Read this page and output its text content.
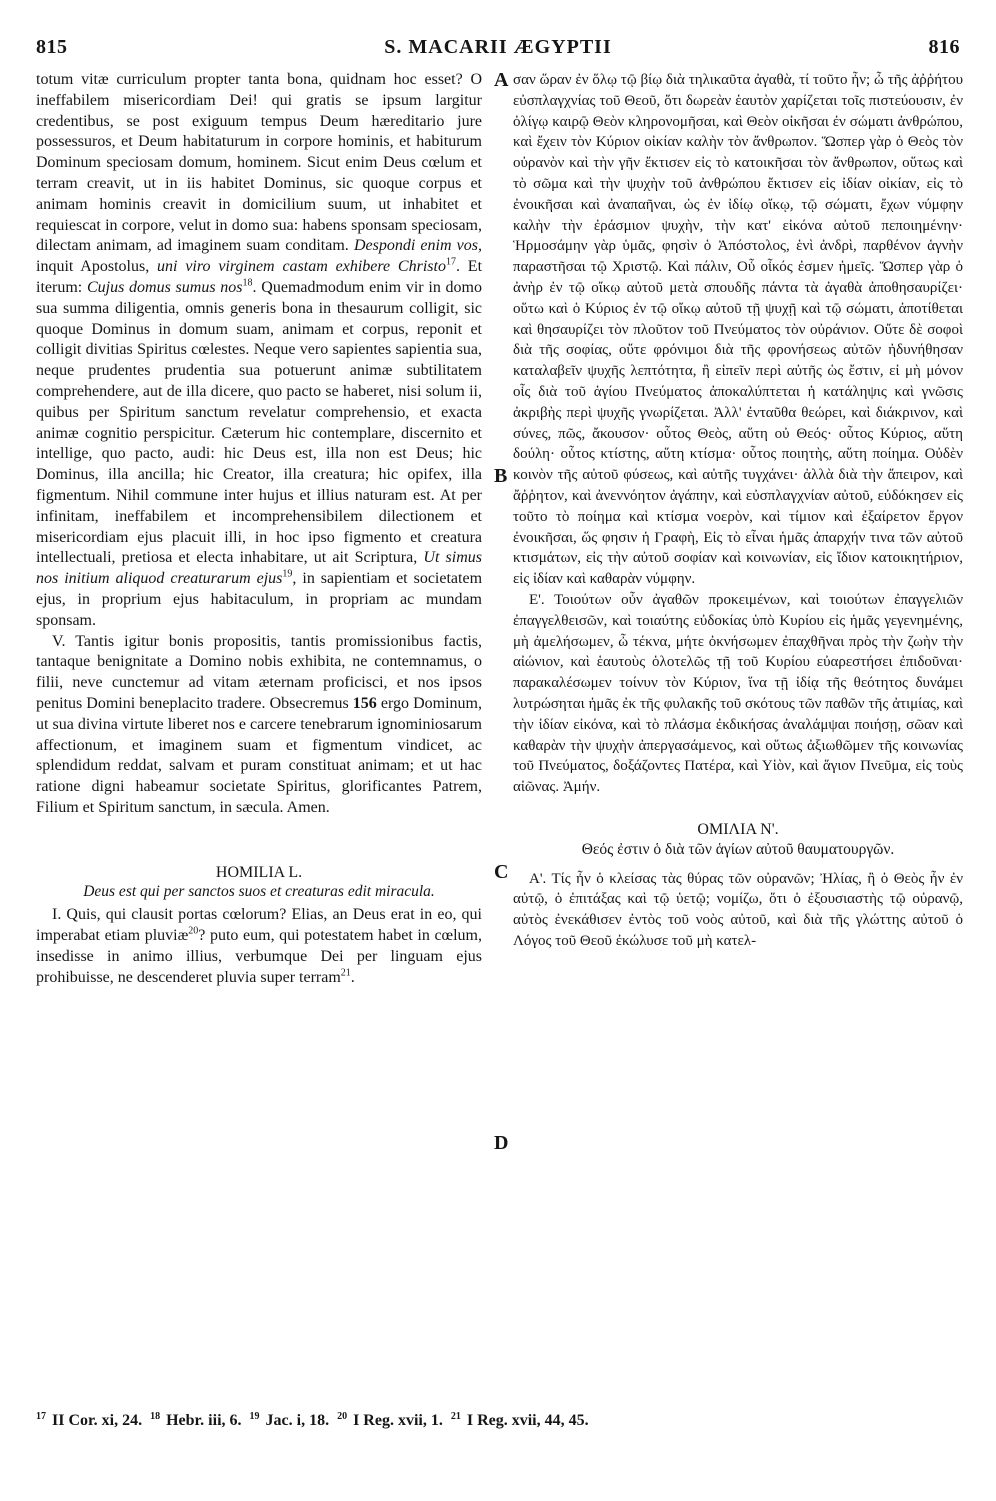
815	S. MACARII ÆGYPTII	816
A
B
C
D

totum vitæ curriculum propter tanta bona, quidnam hoc esset? O ineffabilem misericordiam Dei! qui gratis se ipsum largitur credentibus, se post exiguum tempus Deum hæreditario jure possessuros, et Deum habitaturum in corpore hominis, et habiturum Dominum speciosam domum, hominem. Sicut enim Deus cœlum et terram creavit, ut in iis habitet Dominus, sic quoque corpus et animam hominis creavit in domicilium suum, ut inhabitet et requiescat in corpore, velut in domo sua: habens sponsam speciosam, dilectam animam, ad imaginem suam conditam. Despondi enim vos, inquit Apostolus, uni viro virginem castam exhibere Christo$^{17}$. Et iterum: Cujus domus sumus nos$^{18}$. Quemadmodum enim vir in domo sua summa diligentia, omnis generis bona in thesaurum colligit, sic quoque Dominus in domum suam, animam et corpus, reponit et colligit divitias Spiritus cœlestes. Neque vero sapientes sapientia sua, neque prudentes prudentia sua potuerunt animæ subtilitatem comprehendere, aut de illa dicere, quo pacto se haberet, nisi solum ii, quibus per Spiritum sanctum revelatur comprehensio, et exacta animæ cognitio perspicitur. Cæterum hic contemplare, discernito et intellige, quo pacto, audi: hic Deus est, illa non est Deus; hic Dominus, illa ancilla; hic Creator, illa creatura; hic opifex, illa figmentum. Nihil commune inter hujus et illius naturam est. At per infinitam, ineffabilem et incomprehensibilem dilectionem et misericordiam ejus placuit illi, in hoc ipso figmento et creatura intellectuali, pretiosa et electa inhabitare, ut ait Scriptura, Ut simus nos initium aliquod creaturarum ejus$^{19}$, in sapientiam et societatem ejus, in proprium ejus habitaculum, in propriam ac mundam sponsam.

V. Tantis igitur bonis propositis, tantis promissionibus factis, tantaque benignitate a Domino nobis exhibita, ne contemnamus, o filii, neve cunctemur ad vitam æternam proficisci, et nos ipsos penitus Domini beneplacito tradere. Obsecremus 156 ergo Dominum, ut sua divina virtute liberet nos e carcere tenebrarum ignominiosarum affectionum, et imaginem suam et figmentum vindicet, ac splendidum reddat, salvam et puram constituat animam; et ut hac ratione digni habeamur societate Spiritus, glorificantes Patrem, Filium et Spiritum sanctum, in sæcula. Amen.

HOMILIA L.
Deus est qui per sanctos suos et creaturas edit miracula.

I. Quis, qui clausit portas cœlorum? Elias, an Deus erat in eo, qui imperabat etiam pluviæ$^{20}$? puto eum, qui potestatem habet in cœlum, insedisse in animo illius, verbumque Dei per linguam ejus prohibuisse, ne descenderet pluvia super terram$^{21}$.

σαν ὥραν ἐν ὅλῳ τῷ βίῳ διὰ τηλικαῦτα ἀγαθὰ, τί τοῦτο ἦν; ὦ τῆς ἀῤῥήτου εὐσπλαγχνίας τοῦ Θεοῦ, ὅτι δωρεὰν ἑαυτὸν χαρίζεται τοῖς πιστεύουσιν, ἐν ὀλίγῳ καιρῷ Θεὸν κληρονομῆσαι, καὶ Θεὸν οἰκῆσαι ἐν σώματι ἀνθρώπου, καὶ ἔχειν τὸν Κύριον οἰκίαν καλὴν τὸν ἄνθρωπον. Ὥσπερ γὰρ ὁ Θεὸς τὸν οὐρανὸν καὶ τὴν γῆν ἔκτισεν εἰς τὸ κατοικῆσαι τὸν ἄνθρωπον, οὕτως καὶ τὸ σῶμα καὶ τὴν ψυχὴν τοῦ ἀνθρώπου ἔκτισεν εἰς ἰδίαν οἰκίαν, εἰς τὸ ἐνοικῆσαι καὶ ἀναπαῆναι, ὡς ἐν ἰδίῳ οἴκῳ, τῷ σώματι, ἔχων νύμφην καλὴν τὴν ἐράσμιον ψυχὴν, τὴν κατ' εἰκόνα αὐτοῦ πεποιημένην· Ἡρμοσάμην γὰρ ὑμᾶς, φησὶν ὁ Ἀπόστολος, ἑνὶ ἀνδρὶ, παρθένον ἁγνὴν παραστῆσαι τῷ Χριστῷ. Καὶ πάλιν, Οὗ οἶκός ἐσμεν ἡμεῖς. Ὥσπερ γὰρ ὁ ἀνὴρ ἐν τῷ οἴκῳ αὐτοῦ μετὰ σπουδῆς πάντα τὰ ἀγαθὰ ἀποθησαυρίζει· οὕτω καὶ ὁ Κύριος ἐν τῷ οἴκῳ αὐτοῦ τῇ ψυχῇ καὶ τῷ σώματι, ἀποτίθεται καὶ θησαυρίζει τὸν πλοῦτον τοῦ Πνεύματος τὸν οὐράνιον. Οὔτε δὲ σοφοὶ διὰ τῆς σοφίας, οὔτε φρόνιμοι διὰ τῆς φρονήσεως αὐτῶν ἠδυνήθησαν καταλαβεῖν ψυχῆς λεπτότητα, ἢ εἰπεῖν περὶ αὐτῆς ὡς ἔστιν, εἰ μὴ μόνον οἷς διὰ τοῦ ἁγίου Πνεύματος ἀποκαλύπτεται ἡ κατάληψις καὶ γνῶσις ἀκριβὴς περὶ ψυχῆς γνωρίζεται. Ἀλλ' ἐνταῦθα θεώρει, καὶ διάκρινον, καὶ σύνες, πῶς, ἄκουσον· οὗτος Θεὸς, αὕτη οὐ Θεός· οὗτος Κύριος, αὕτη δούλη· οὗτος κτίστης, αὕτη κτίσμα· οὗτος ποιητὴς, αὕτη ποίημα. Οὐδὲν κοινὸν τῆς αὐτοῦ φύσεως, καὶ αὐτῆς τυγχάνει· ἀλλὰ διὰ τὴν ἄπειρον, καὶ ἄῤῥητον, καὶ ἀνεννόητον ἀγάπην, καὶ εὐσπλαγχνίαν αὐτοῦ, εὐδόκησεν εἰς τοῦτο τὸ ποίημα καὶ κτίσμα νοερὸν, καὶ τίμιον καὶ ἐξαίρετον ἔργον ἐνοικῆσαι, ὥς φησιν ἡ Γραφὴ, Εἰς τὸ εἶναι ἡμᾶς ἀπαρχήν τινα τῶν αὐτοῦ κτισμάτων, εἰς τὴν αὐτοῦ σοφίαν καὶ κοινωνίαν, εἰς ἴδιον κατοικητήριον, εἰς ἰδίαν καὶ καθαρὰν νύμφην.

Ε'. Τοιούτων οὖν ἀγαθῶν προκειμένων, καὶ τοιούτων ἐπαγγελιῶν ἐπαγγελθεισῶν, καὶ τοιαύτης εὐδοκίας ὑπὸ Κυρίου εἰς ἡμᾶς γεγενημένης, μὴ ἀμελήσωμεν, ὦ τέκνα, μήτε ὀκνήσωμεν ἐπαχθῆναι πρὸς τὴν ζωὴν τὴν αἰώνιον, καὶ ἑαυτοὺς ὁλοτελῶς τῇ τοῦ Κυρίου εὐαρεστήσει ἐπιδοῦναι· παρακαλέσωμεν τοίνυν τὸν Κύριον, ἵνα τῇ ἰδίᾳ τῆς θεότητος δυνάμει λυτρώσηται ἡμᾶς ἐκ τῆς φυλακῆς τοῦ σκότους τῶν παθῶν τῆς ἀτιμίας, καὶ τὴν ἰδίαν εἰκόνα, καὶ τὸ πλάσμα ἐκδικήσας ἀναλάμψαι ποιήσῃ, σῶαν καὶ καθαρὰν τὴν ψυχὴν ἀπεργασάμενος, καὶ οὕτως ἀξιωθῶμεν τῆς κοινωνίας τοῦ Πνεύματος, δοξάζοντες Πατέρα, καὶ Υἱὸν, καὶ ἅγιον Πνεῦμα, εἰς τοὺς αἰῶνας. Ἀμήν.

ΟΜΙΛΙΑ Ν'.
Θεός ἐστιν ὁ διὰ τῶν ἁγίων αὐτοῦ θαυματουργῶν.

Α'. Τίς ἦν ὁ κλείσας τὰς θύρας τῶν οὐρανῶν; Ἠλίας, ἢ ὁ Θεὸς ἦν ἐν αὐτῷ, ὁ ἐπιτάξας καὶ τῷ ὑετῷ; νομίζω, ὅτι ὁ ἐξουσιαστὴς τῷ οὐρανῷ, αὐτὸς ἐνεκάθισεν ἐντὸς τοῦ νοὸς αὐτοῦ, καὶ διὰ τῆς γλώττης αὐτοῦ ὁ Λόγος τοῦ Θεοῦ ἐκώλυσε τοῦ μὴ κατελ-

$^{17}$ II Cor. xi, 24. $^{18}$ Hebr. iii, 6. $^{19}$ Jac. i, 18. $^{20}$ I Reg. xvii, 1. $^{21}$ I Reg. xvii, 44, 45.
